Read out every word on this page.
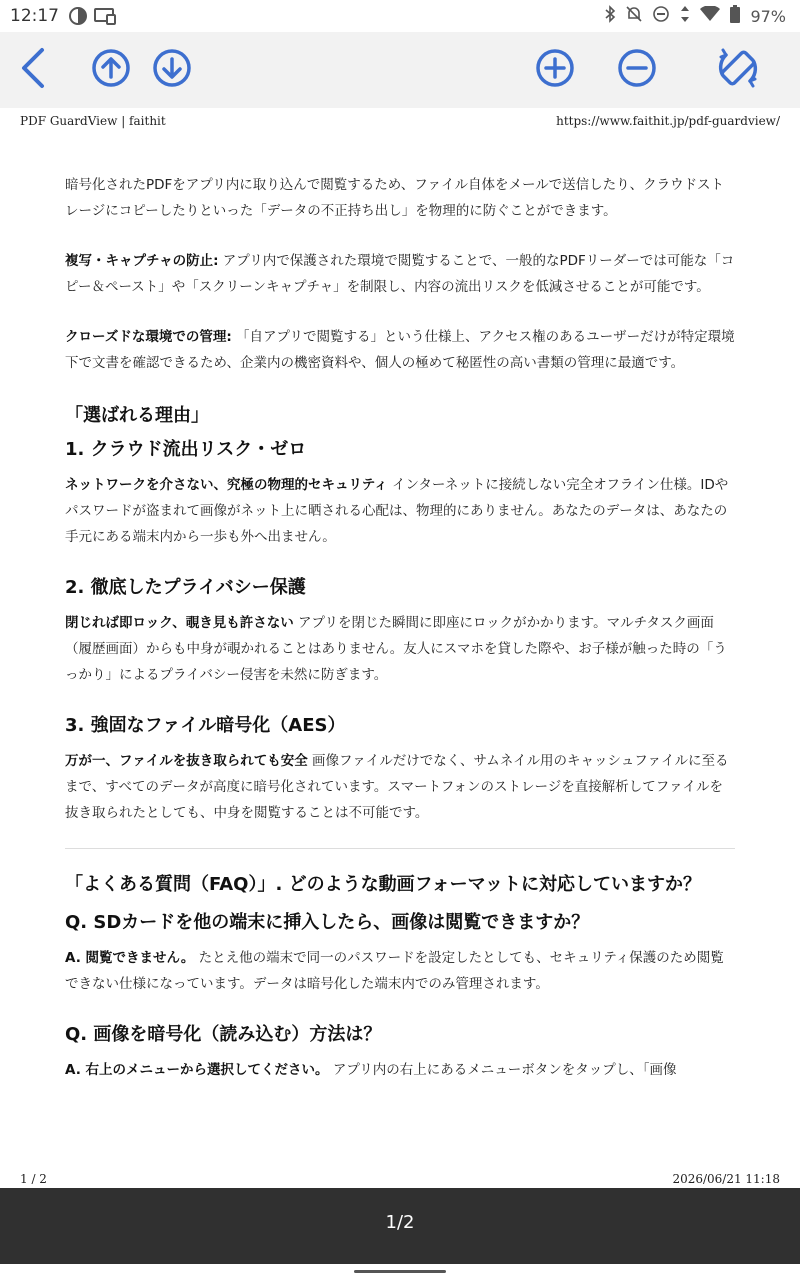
12:17	97%
PDF GuardView | faithit	https://www.faithit.jp/pdf-guardview/

暗号化されたPDFをアプリ内に取り込んで閲覧するため、ファイル自体をメールで送信したり、クラウドストレージにコピーしたりといった「データの不正持ち出し」を物理的に防ぐことができます。

複写・キャプチャの防止: アプリ内で保護された環境で閲覧することで、一般的なPDFリーダーでは可能な「コピー＆ペースト」や「スクリーンキャプチャ」を制限し、内容の流出リスクを低減させることが可能です。

クローズドな環境での管理: 「自アプリで閲覧する」という仕様上、アクセス権のあるユーザーだけが特定環境下で文書を確認できるため、企業内の機密資料や、個人の極めて秘匿性の高い書類の管理に最適です。

「選ばれる理由」
1. クラウド流出リスク・ゼロ

ネットワークを介さない、究極の物理的セキュリティ インターネットに接続しない完全オフライン仕様。IDやパスワードが盗まれて画像がネット上に晒される心配は、物理的にありません。あなたのデータは、あなたの手元にある端末内から一歩も外へ出ません。

2. 徹底したプライバシー保護

閉じれば即ロック、覗き見も許さない アプリを閉じた瞬間に即座にロックがかかります。マルチタスク画面（履歴画面）からも中身が覗かれることはありません。友人にスマホを貸した際や、お子様が触った時の「うっかり」によるプライバシー侵害を未然に防ぎます。

3. 強固なファイル暗号化（AES）

万が一、ファイルを抜き取られても安全 画像ファイルだけでなく、サムネイル用のキャッシュファイルに至るまで、すべてのデータが高度に暗号化されています。スマートフォンのストレージを直接解析してファイルを抜き取られたとしても、中身を閲覧することは不可能です。

「よくある質問（FAQ）」. どのような動画フォーマットに対応していますか？
Q. SDカードを他の端末に挿入したら、画像は閲覧できますか？

A. 閲覧できません。 たとえ他の端末で同一のパスワードを設定したとしても、セキュリティ保護のため閲覧できない仕様になっています。データは暗号化した端末内でのみ管理されます。

Q. 画像を暗号化（読み込む）方法は？

A. 右上のメニューから選択してください。 アプリ内の右上にあるメニューボタンをタップし、「画像

1 / 2	2026/06/21 11:18
1/2
